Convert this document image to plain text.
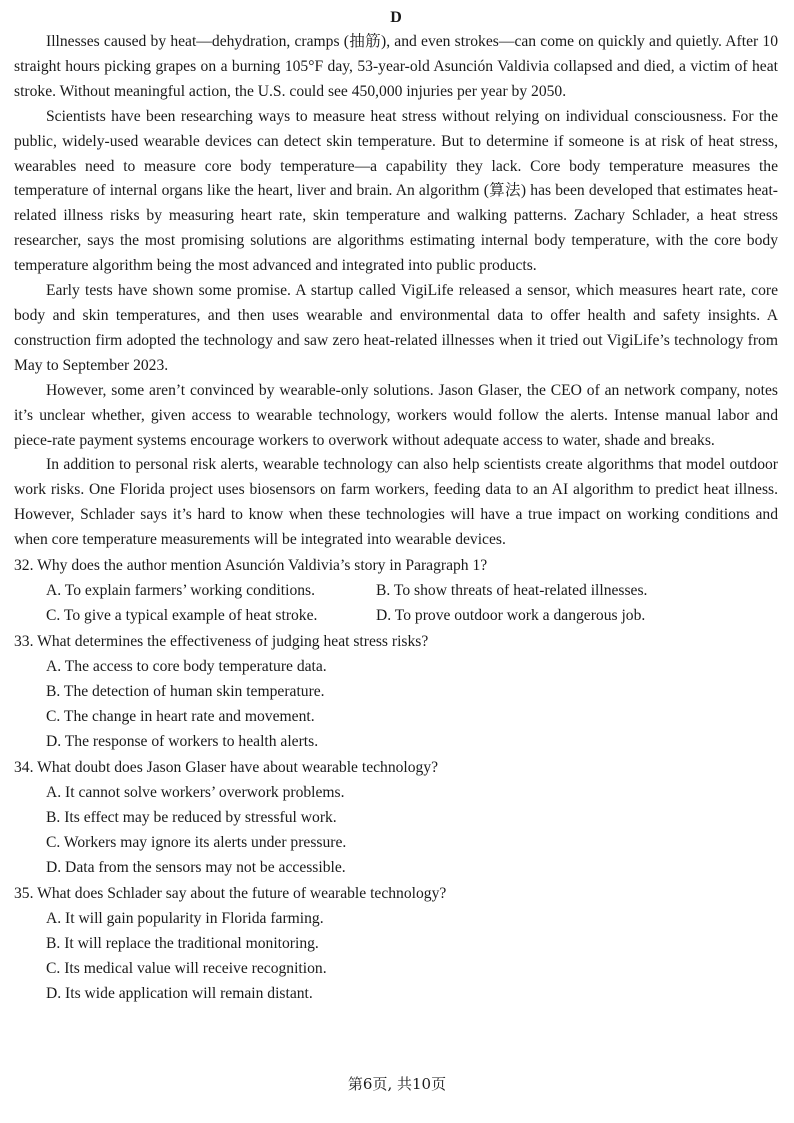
D

Illnesses caused by heat—dehydration, cramps (抽筋), and even strokes—can come on quickly and quietly. After 10 straight hours picking grapes on a burning 105°F day, 53-year-old Asunción Valdivia collapsed and died, a victim of heat stroke. Without meaningful action, the U.S. could see 450,000 injuries per year by 2050.

Scientists have been researching ways to measure heat stress without relying on individual consciousness. For the public, widely-used wearable devices can detect skin temperature. But to determine if someone is at risk of heat stress, wearables need to measure core body temperature—a capability they lack. Core body temperature measures the temperature of internal organs like the heart, liver and brain. An algorithm (算法) has been developed that estimates heat-related illness risks by measuring heart rate, skin temperature and walking patterns. Zachary Schlader, a heat stress researcher, says the most promising solutions are algorithms estimating internal body temperature, with the core body temperature algorithm being the most advanced and integrated into public products.

Early tests have shown some promise. A startup called VigiLife released a sensor, which measures heart rate, core body and skin temperatures, and then uses wearable and environmental data to offer health and safety insights. A construction firm adopted the technology and saw zero heat-related illnesses when it tried out VigiLife’s technology from May to September 2023.

However, some aren’t convinced by wearable-only solutions. Jason Glaser, the CEO of an network company, notes it’s unclear whether, given access to wearable technology, workers would follow the alerts. Intense manual labor and piece-rate payment systems encourage workers to overwork without adequate access to water, shade and breaks.

In addition to personal risk alerts, wearable technology can also help scientists create algorithms that model outdoor work risks. One Florida project uses biosensors on farm workers, feeding data to an AI algorithm to predict heat illness. However, Schlader says it’s hard to know when these technologies will have a true impact on working conditions and when core temperature measurements will be integrated into wearable devices.

32. Why does the author mention Asunción Valdivia’s story in Paragraph 1?
A. To explain farmers’ working conditions.	B. To show threats of heat-related illnesses.
C. To give a typical example of heat stroke.	D. To prove outdoor work a dangerous job.
33. What determines the effectiveness of judging heat stress risks?
A. The access to core body temperature data.
B. The detection of human skin temperature.
C. The change in heart rate and movement.
D. The response of workers to health alerts.
34. What doubt does Jason Glaser have about wearable technology?
A. It cannot solve workers’ overwork problems.
B. Its effect may be reduced by stressful work.
C. Workers may ignore its alerts under pressure.
D. Data from the sensors may not be accessible.
35. What does Schlader say about the future of wearable technology?
A. It will gain popularity in Florida farming.
B. It will replace the traditional monitoring.
C. Its medical value will receive recognition.
D. Its wide application will remain distant.
第6页, 共10页
